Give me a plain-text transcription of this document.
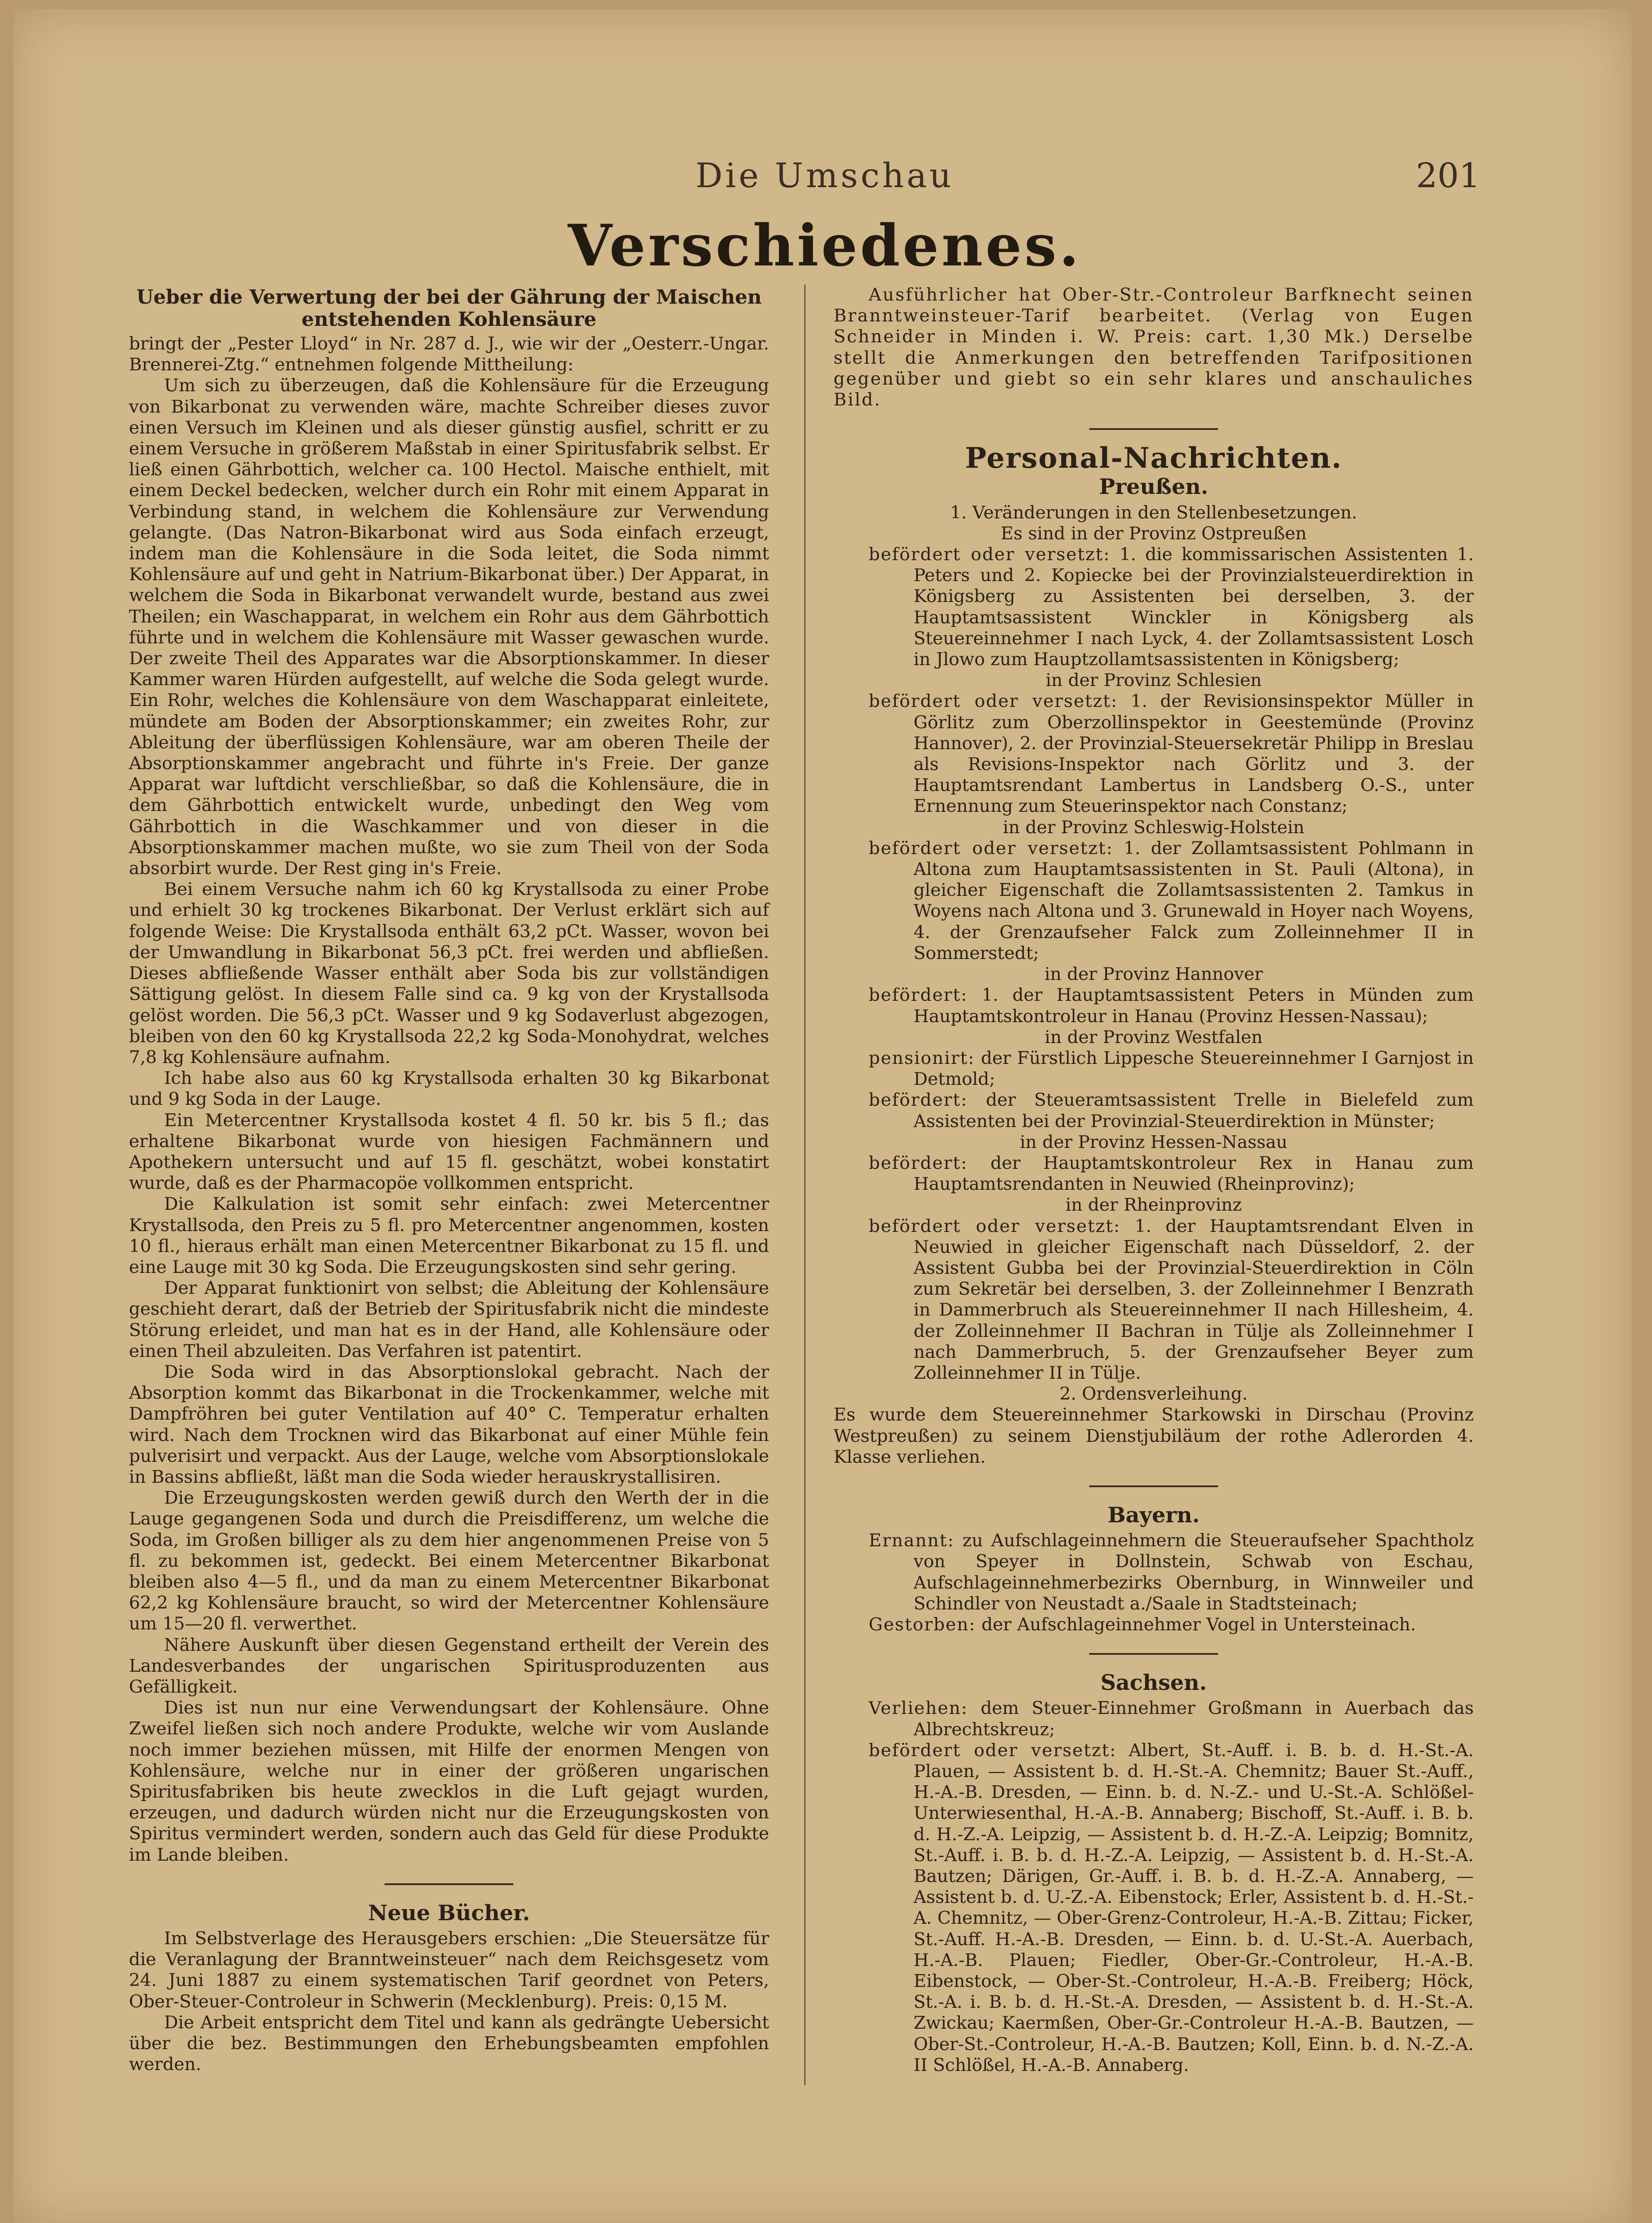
Die Umschau	201
Verschiedenes.
Ueber die Verwertung der bei der Gährung der Maischen entstehenden Kohlensäure

bringt der „Pester Lloyd“ in Nr. 287 d. J., wie wir der „Oesterr.-Ungar. Brennerei-Ztg.“ entnehmen folgende Mittheilung:

Um sich zu überzeugen, daß die Kohlensäure für die Erzeugung von Bikarbonat zu verwenden wäre, machte Schreiber dieses zuvor einen Versuch im Kleinen und als dieser günstig ausfiel, schritt er zu einem Versuche in größerem Maßstab in einer Spiritusfabrik selbst. Er ließ einen Gährbottich, welcher ca. 100 Hectol. Maische enthielt, mit einem Deckel bedecken, welcher durch ein Rohr mit einem Apparat in Verbindung stand, in welchem die Kohlensäure zur Verwendung gelangte. (Das Natron-Bikarbonat wird aus Soda einfach erzeugt, indem man die Kohlensäure in die Soda leitet, die Soda nimmt Kohlensäure auf und geht in Natrium-Bikarbonat über.) Der Apparat, in welchem die Soda in Bikarbonat verwandelt wurde, bestand aus zwei Theilen; ein Waschapparat, in welchem ein Rohr aus dem Gährbottich führte und in welchem die Kohlensäure mit Wasser gewaschen wurde. Der zweite Theil des Apparates war die Absorptionskammer. In dieser Kammer waren Hürden aufgestellt, auf welche die Soda gelegt wurde. Ein Rohr, welches die Kohlensäure von dem Waschapparat einleitete, mündete am Boden der Absorptionskammer; ein zweites Rohr, zur Ableitung der überflüssigen Kohlensäure, war am oberen Theile der Absorptionskammer angebracht und führte in's Freie. Der ganze Apparat war luftdicht verschließbar, so daß die Kohlensäure, die in dem Gährbottich entwickelt wurde, unbedingt den Weg vom Gährbottich in die Waschkammer und von dieser in die Absorptionskammer machen mußte, wo sie zum Theil von der Soda absorbirt wurde. Der Rest ging in's Freie.

Bei einem Versuche nahm ich 60 kg Krystallsoda zu einer Probe und erhielt 30 kg trockenes Bikarbonat. Der Verlust erklärt sich auf folgende Weise: Die Krystallsoda enthält 63,2 pCt. Wasser, wovon bei der Umwandlung in Bikarbonat 56,3 pCt. frei werden und abfließen. Dieses abfließende Wasser enthält aber Soda bis zur vollständigen Sättigung gelöst. In diesem Falle sind ca. 9 kg von der Krystallsoda gelöst worden. Die 56,3 pCt. Wasser und 9 kg Sodaverlust abgezogen, bleiben von den 60 kg Krystallsoda 22,2 kg Soda-Monohydrat, welches 7,8 kg Kohlensäure aufnahm.

Ich habe also aus 60 kg Krystallsoda erhalten 30 kg Bikarbonat und 9 kg Soda in der Lauge.

Ein Metercentner Krystallsoda kostet 4 fl. 50 kr. bis 5 fl.; das erhaltene Bikarbonat wurde von hiesigen Fachmännern und Apothekern untersucht und auf 15 fl. geschätzt, wobei konstatirt wurde, daß es der Pharmacopöe vollkommen entspricht.

Die Kalkulation ist somit sehr einfach: zwei Metercentner Krystallsoda, den Preis zu 5 fl. pro Metercentner angenommen, kosten 10 fl., hieraus erhält man einen Metercentner Bikarbonat zu 15 fl. und eine Lauge mit 30 kg Soda. Die Erzeugungskosten sind sehr gering.

Der Apparat funktionirt von selbst; die Ableitung der Kohlensäure geschieht derart, daß der Betrieb der Spiritusfabrik nicht die mindeste Störung erleidet, und man hat es in der Hand, alle Kohlensäure oder einen Theil abzuleiten. Das Verfahren ist patentirt.

Die Soda wird in das Absorptionslokal gebracht. Nach der Absorption kommt das Bikarbonat in die Trockenkammer, welche mit Dampfröhren bei guter Ventilation auf 40° C. Temperatur erhalten wird. Nach dem Trocknen wird das Bikarbonat auf einer Mühle fein pulverisirt und verpackt. Aus der Lauge, welche vom Absorptionslokale in Bassins abfließt, läßt man die Soda wieder herauskrystallisiren.

Die Erzeugungskosten werden gewiß durch den Werth der in die Lauge gegangenen Soda und durch die Preisdifferenz, um welche die Soda, im Großen billiger als zu dem hier angenommenen Preise von 5 fl. zu bekommen ist, gedeckt. Bei einem Metercentner Bikarbonat bleiben also 4—5 fl., und da man zu einem Metercentner Bikarbonat 62,2 kg Kohlensäure braucht, so wird der Metercentner Kohlensäure um 15—20 fl. verwerthet.

Nähere Auskunft über diesen Gegenstand ertheilt der Verein des Landesverbandes der ungarischen Spiritusproduzenten aus Gefälligkeit.

Dies ist nun nur eine Verwendungsart der Kohlensäure. Ohne Zweifel ließen sich noch andere Produkte, welche wir vom Auslande noch immer beziehen müssen, mit Hilfe der enormen Mengen von Kohlensäure, welche nur in einer der größeren ungarischen Spiritusfabriken bis heute zwecklos in die Luft gejagt wurden, erzeugen, und dadurch würden nicht nur die Erzeugungskosten von Spiritus vermindert werden, sondern auch das Geld für diese Produkte im Lande bleiben.

Neue Bücher.

Im Selbstverlage des Herausgebers erschien: „Die Steuersätze für die Veranlagung der Branntweinsteuer“ nach dem Reichsgesetz vom 24. Juni 1887 zu einem systematischen Tarif geordnet von Peters, Ober-Steuer-Controleur in Schwerin (Mecklenburg). Preis: 0,15 M.

Die Arbeit entspricht dem Titel und kann als gedrängte Uebersicht über die bez. Bestimmungen den Erhebungsbeamten empfohlen werden.

Ausführlicher hat Ober-Str.-Controleur Barfknecht seinen Branntweinsteuer-Tarif bearbeitet. (Verlag von Eugen Schneider in Minden i. W. Preis: cart. 1,30 Mk.) Derselbe stellt die Anmerkungen den betreffenden Tarifpositionen gegenüber und giebt so ein sehr klares und anschauliches Bild.

Personal-Nachrichten.
Preußen.

1. Veränderungen in den Stellenbesetzungen.

Es sind in der Provinz Ostpreußen

befördert oder versetzt: 1. die kommissarischen Assistenten 1. Peters und 2. Kopiecke bei der Provinzialsteuerdirektion in Königsberg zu Assistenten bei derselben, 3. der Hauptamtsassistent Winckler in Königsberg als Steuereinnehmer I nach Lyck, 4. der Zollamtsassistent Losch in Jlowo zum Hauptzollamtsassistenten in Königsberg;

in der Provinz Schlesien

befördert oder versetzt: 1. der Revisionsinspektor Müller in Görlitz zum Oberzollinspektor in Geestemünde (Provinz Hannover), 2. der Provinzial-Steuersekretär Philipp in Breslau als Revisions-Inspektor nach Görlitz und 3. der Hauptamtsrendant Lambertus in Landsberg O.-S., unter Ernennung zum Steuerinspektor nach Constanz;

in der Provinz Schleswig-Holstein

befördert oder versetzt: 1. der Zollamtsassistent Pohlmann in Altona zum Hauptamtsassistenten in St. Pauli (Altona), in gleicher Eigenschaft die Zollamtsassistenten 2. Tamkus in Woyens nach Altona und 3. Grunewald in Hoyer nach Woyens, 4. der Grenzaufseher Falck zum Zolleinnehmer II in Sommerstedt;

in der Provinz Hannover

befördert: 1. der Hauptamtsassistent Peters in Münden zum Hauptamtskontroleur in Hanau (Provinz Hessen-Nassau);

in der Provinz Westfalen

pensionirt: der Fürstlich Lippesche Steuereinnehmer I Garnjost in Detmold;

befördert: der Steueramtsassistent Trelle in Bielefeld zum Assistenten bei der Provinzial-Steuerdirektion in Münster;

in der Provinz Hessen-Nassau

befördert: der Hauptamtskontroleur Rex in Hanau zum Hauptamtsrendanten in Neuwied (Rheinprovinz);

in der Rheinprovinz

befördert oder versetzt: 1. der Hauptamtsrendant Elven in Neuwied in gleicher Eigenschaft nach Düsseldorf, 2. der Assistent Gubba bei der Provinzial-Steuerdirektion in Cöln zum Sekretär bei derselben, 3. der Zolleinnehmer I Benzrath in Dammerbruch als Steuereinnehmer II nach Hillesheim, 4. der Zolleinnehmer II Bachran in Tülje als Zolleinnehmer I nach Dammerbruch, 5. der Grenzaufseher Beyer zum Zolleinnehmer II in Tülje.

2. Ordensverleihung.

Es wurde dem Steuereinnehmer Starkowski in Dirschau (Provinz Westpreußen) zu seinem Dienstjubiläum der rothe Adlerorden 4. Klasse verliehen.

Bayern.

Ernannt: zu Aufschlageinnehmern die Steueraufseher Spachtholz von Speyer in Dollnstein, Schwab von Eschau, Aufschlageinnehmerbezirks Obernburg, in Winnweiler und Schindler von Neustadt a./Saale in Stadtsteinach;

Gestorben: der Aufschlageinnehmer Vogel in Untersteinach.

Sachsen.

Verliehen: dem Steuer-Einnehmer Großmann in Auerbach das Albrechtskreuz;

befördert oder versetzt: Albert, St.-Auff. i. B. b. d. H.-St.-A. Plauen, — Assistent b. d. H.-St.-A. Chemnitz; Bauer St.-Auff., H.-A.-B. Dresden, — Einn. b. d. N.-Z.- und U.-St.-A. Schlößel-Unterwiesenthal, H.-A.-B. Annaberg; Bischoff, St.-Auff. i. B. b. d. H.-Z.-A. Leipzig, — Assistent b. d. H.-Z.-A. Leipzig; Bomnitz, St.-Auff. i. B. b. d. H.-Z.-A. Leipzig, — Assistent b. d. H.-St.-A. Bautzen; Därigen, Gr.-Auff. i. B. b. d. H.-Z.-A. Annaberg, — Assistent b. d. U.-Z.-A. Eibenstock; Erler, Assistent b. d. H.-St.-A. Chemnitz, — Ober-Grenz-Controleur, H.-A.-B. Zittau; Ficker, St.-Auff. H.-A.-B. Dresden, — Einn. b. d. U.-St.-A. Auerbach, H.-A.-B. Plauen; Fiedler, Ober-Gr.-Controleur, H.-A.-B. Eibenstock, — Ober-St.-Controleur, H.-A.-B. Freiberg; Höck, St.-A. i. B. b. d. H.-St.-A. Dresden, — Assistent b. d. H.-St.-A. Zwickau; Kaermßen, Ober-Gr.-Controleur H.-A.-B. Bautzen, — Ober-St.-Controleur, H.-A.-B. Bautzen; Koll, Einn. b. d. N.-Z.-A. II Schlößel, H.-A.-B. Annaberg.
